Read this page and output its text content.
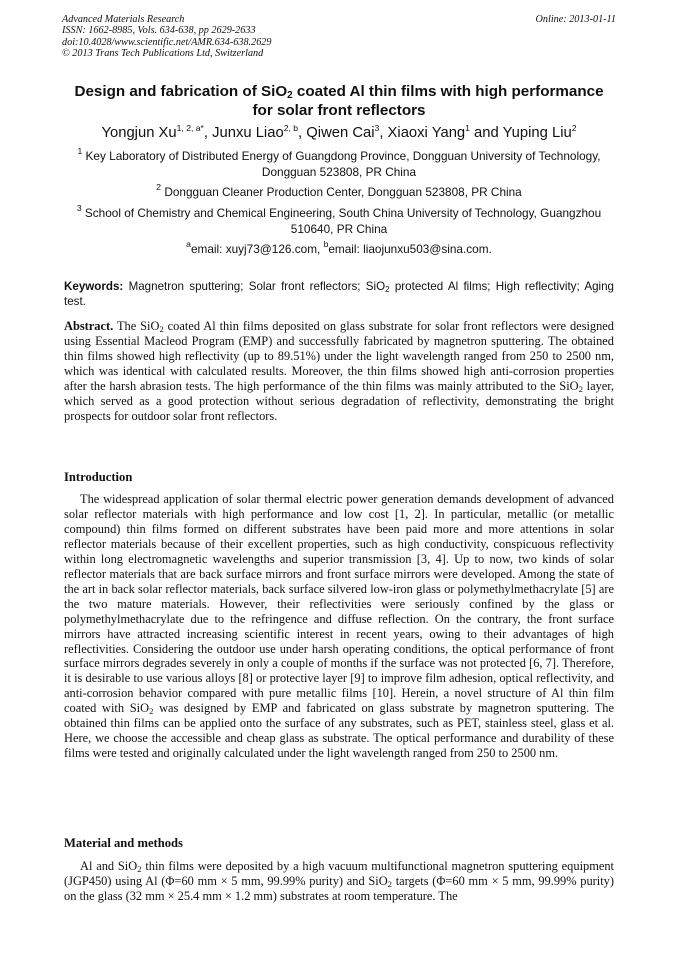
Advanced Materials Research
ISSN: 1662-8985, Vols. 634-638, pp 2629-2633
doi:10.4028/www.scientific.net/AMR.634-638.2629
© 2013 Trans Tech Publications Ltd, Switzerland
Online: 2013-01-11
Design and fabrication of SiO$_2$ coated Al thin films with high performance for solar front reflectors
Yongjun $Xu^{1, 2, a*}$, Junxu Liao$^{2, b}$, Qiwen Cai$^3$, Xiaoxi Yang$^1$ and Yuping Liu$^2$
$^1$ Key Laboratory of Distributed Energy of Guangdong Province, Dongguan University of Technology, Dongguan 523808, PR China
$^2$ Dongguan Cleaner Production Center, Dongguan 523808, PR China
$^3$ School of Chemistry and Chemical Engineering, South China University of Technology, Guangzhou 510640, PR China
$^a$email: xuyj73@126.com, $^b$email: liaojunxu503@sina.com.
Keywords: Magnetron sputtering; Solar front reflectors; SiO$_2$ protected Al films; High reflectivity; Aging test.
Abstract. The SiO$_2$ coated Al thin films deposited on glass substrate for solar front reflectors were designed using Essential Macleod Program (EMP) and successfully fabricated by magnetron sputtering. The obtained thin films showed high reflectivity (up to 89.51%) under the light wavelength ranged from 250 to 2500 nm, which was identical with calculated results. Moreover, the thin films showed high anti-corrosion properties after the harsh abrasion tests. The high performance of the thin films was mainly attributed to the SiO$_2$ layer, which served as a good protection without serious degradation of reflectivity, demonstrating the bright prospects for outdoor solar front reflectors.
Introduction
The widespread application of solar thermal electric power generation demands development of advanced solar reflector materials with high performance and low cost [1, 2]. In particular, metallic (or metallic compound) thin films formed on different substrates have been paid more and more attentions in solar reflector materials because of their excellent properties, such as high conductivity, conspicuous reflectivity within long electromagnetic wavelengths and superior transmission [3, 4]. Up to now, two kinds of solar reflector materials that are back surface mirrors and front surface mirrors were developed. Among the state of the art in back solar reflector materials, back surface silvered low-iron glass or polymethylmethacrylate [5] are the two mature materials. However, their reflectivities were seriously confined by the glass or polymethylmethacrylate due to the refringence and diffuse reflection. On the contrary, the front surface mirrors have attracted increasing scientific interest in recent years, owing to their advantages of high reflectivities. Considering the outdoor use under harsh operating conditions, the optical performance of front surface mirrors degrades severely in only a couple of months if the surface was not protected [6, 7]. Therefore, it is desirable to use various alloys [8] or protective layer [9] to improve film adhesion, optical reflectivity, and anti-corrosion behavior compared with pure metallic films [10]. Herein, a novel structure of Al thin film coated with SiO$_2$ was designed by EMP and fabricated on glass substrate by magnetron sputtering. The obtained thin films can be applied onto the surface of any substrates, such as PET, stainless steel, glass et al. Here, we choose the accessible and cheap glass as substrate. The optical performance and durability of these films were tested and originally calculated under the light wavelength ranged from 250 to 2500 nm.
Material and methods
Al and SiO$_2$ thin films were deposited by a high vacuum multifunctional magnetron sputtering equipment (JGP450) using Al (Φ=60 mm × 5 mm, 99.99% purity) and SiO$_2$ targets (Φ=60 mm × 5 mm, 99.99% purity) on the glass (32 mm × 25.4 mm × 1.2 mm) substrates at room temperature. The
